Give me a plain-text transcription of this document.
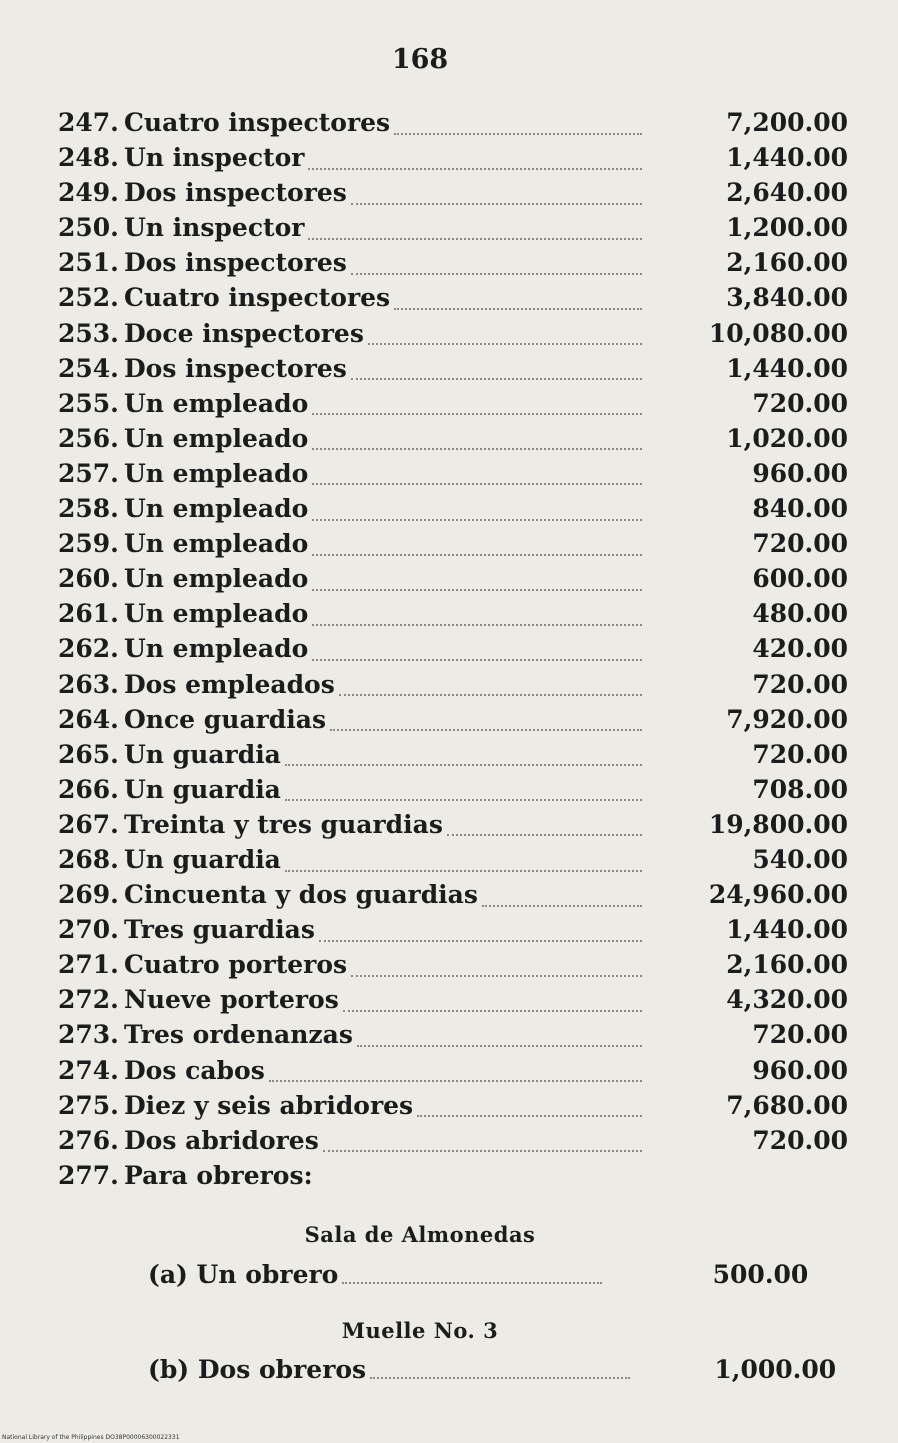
168
247. Cuatro inspectores	7,200.00
248. Un inspector	1,440.00
249. Dos inspectores	2,640.00
250. Un inspector	1,200.00
251. Dos inspectores	2,160.00
252. Cuatro inspectores	3,840.00
253. Doce inspectores	10,080.00
254. Dos inspectores	1,440.00
255. Un empleado	720.00
256. Un empleado	1,020.00
257. Un empleado	960.00
258. Un empleado	840.00
259. Un empleado	720.00
260. Un empleado	600.00
261. Un empleado	480.00
262. Un empleado	420.00
263. Dos empleados	720.00
264. Once guardias	7,920.00
265. Un guardia	720.00
266. Un guardia	708.00
267. Treinta y tres guardias	19,800.00
268. Un guardia	540.00
269. Cincuenta y dos guardias	24,960.00
270. Tres guardias	1,440.00
271. Cuatro porteros	2,160.00
272. Nueve porteros	4,320.00
273. Tres ordenanzas	720.00
274. Dos cabos	960.00
275. Diez y seis abridores	7,680.00
276. Dos abridores	720.00
277. Para obreros:
Sala de Almonedas
(a) Un obrero	500.00
Muelle No. 3
(b) Dos obreros	1,000.00
National Library of the Philippines DO38P00006300022331
